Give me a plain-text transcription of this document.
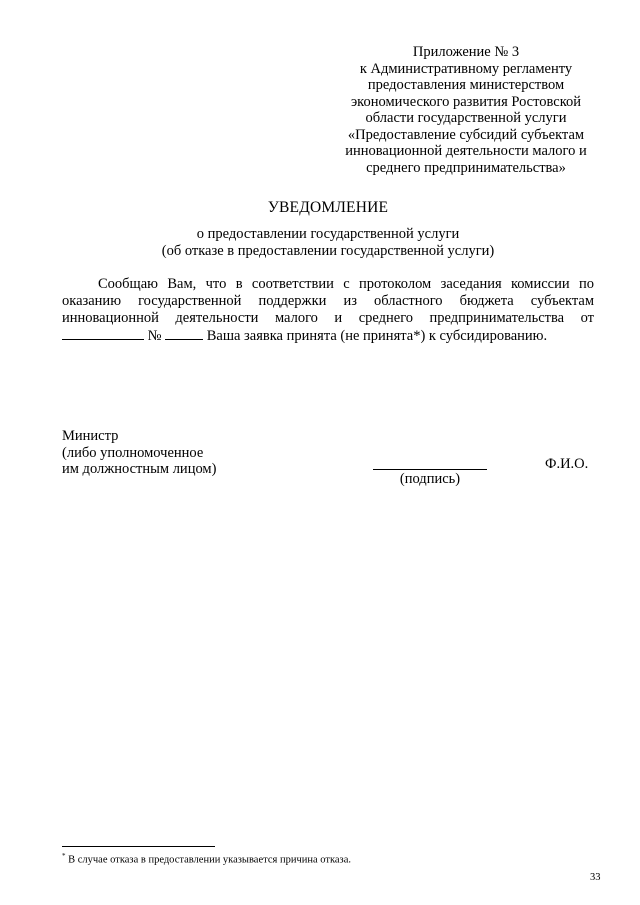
Приложение № 3
к Административному регламенту
предоставления министерством
экономического развития Ростовской
области государственной услуги
«Предоставление субсидий субъектам
инновационной деятельности малого и
среднего предпринимательства»
УВЕДОМЛЕНИЕ
о предоставлении государственной услуги
(об отказе в предоставлении государственной услуги)
Сообщаю Вам, что в соответствии с протоколом заседания комиссии по
оказанию государственной поддержки из областного бюджета субъектам
инновационной деятельности малого и среднего предпринимательства от
№	Ваша заявка принята (не принята*) к субсидированию.
Министр
(либо уполномоченное
им должностным лицом)
(подпись)
Ф.И.О.
* В случае отказа в предоставлении указывается причина отказа.
33
